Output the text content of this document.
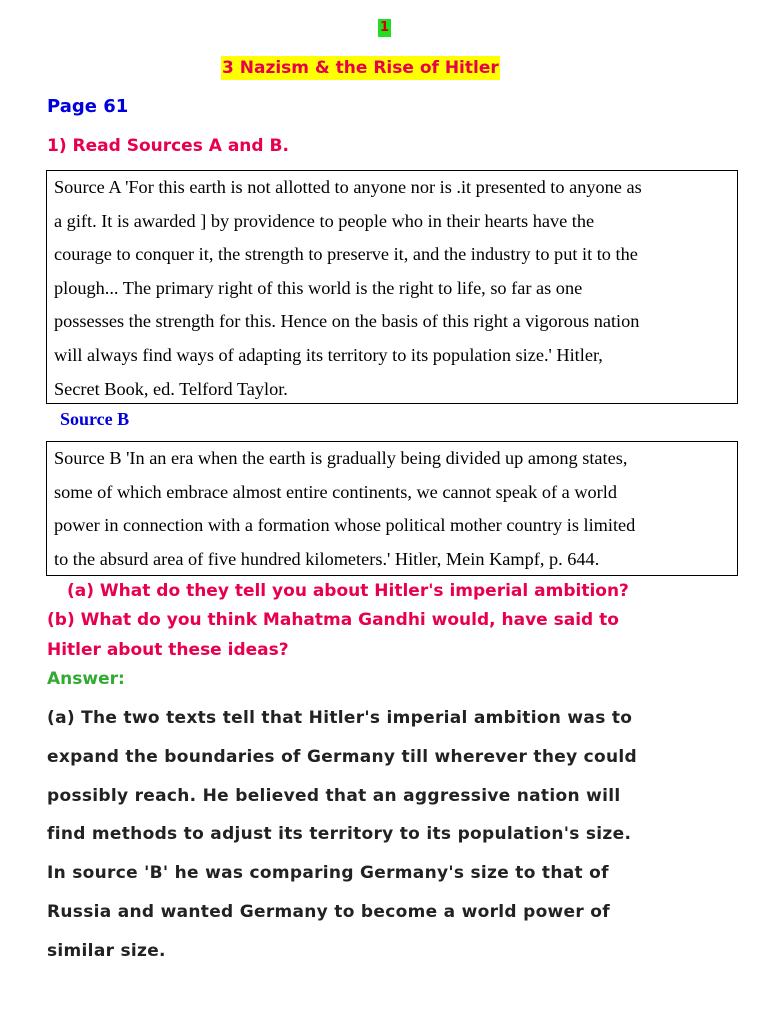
1
3 Nazism & the Rise of Hitler
Page 61
1) Read Sources A and B.
Source A 'For this earth is not allotted to anyone nor is .it presented to anyone as
a gift. It is awarded ] by providence to people who in their hearts have the
courage to conquer it, the strength to preserve it, and the industry to put it to the
plough... The primary right of this world is the right to life, so far as one
possesses the strength for this. Hence on the basis of this right a vigorous nation
will always find ways of adapting its territory to its population size.' Hitler,
Secret Book, ed. Telford Taylor.
Source B
Source B 'In an era when the earth is gradually being divided up among states,
some of which embrace almost entire continents, we cannot speak of a world
power in connection with a formation whose political mother country is limited
to the absurd area of five hundred kilometers.' Hitler, Mein Kampf, p. 644.
(a) What do they tell you about Hitler's imperial ambition?
(b) What do you think Mahatma Gandhi would, have said to
Hitler about these ideas?
Answer:
(a) The two texts tell that Hitler's imperial ambition was to
expand the boundaries of Germany till wherever they could
possibly reach. He believed that an aggressive nation will
find methods to adjust its territory to its population's size.
In source 'B' he was comparing Germany's size to that of
Russia and wanted Germany to become a world power of
similar size.
